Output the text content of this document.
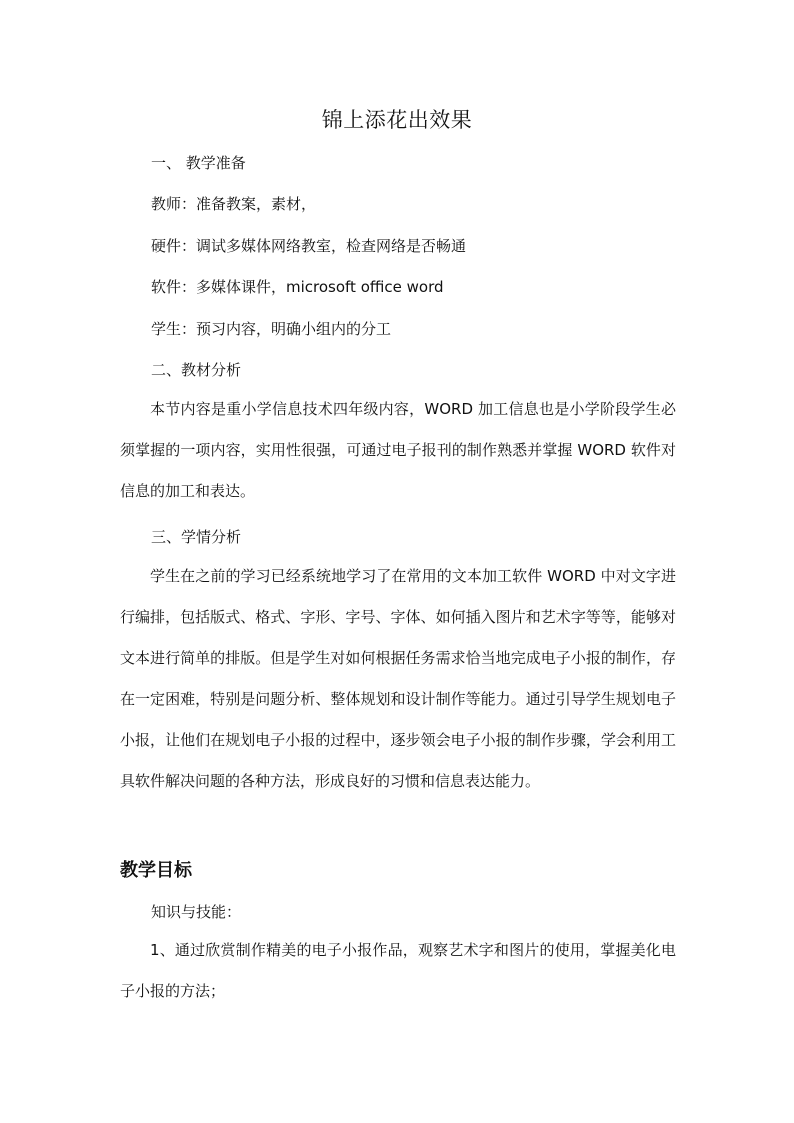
锦上添花出效果
一、 教学准备
教师：准备教案，素材，
硬件：调试多媒体网络教室，检查网络是否畅通
软件：多媒体课件，microsoft office word
学生：预习内容，明确小组内的分工
二、教材分析
本节内容是重小学信息技术四年级内容，WORD 加工信息也是小学阶段学生必须掌握的一项内容，实用性很强，可通过电子报刊的制作熟悉并掌握 WORD 软件对信息的加工和表达。
三、学情分析
学生在之前的学习已经系统地学习了在常用的文本加工软件 WORD 中对文字进行编排，包括版式、格式、字形、字号、字体、如何插入图片和艺术字等等，能够对文本进行简单的排版。但是学生对如何根据任务需求恰当地完成电子小报的制作，存在一定困难，特别是问题分析、整体规划和设计制作等能力。通过引导学生规划电子小报，让他们在规划电子小报的过程中，逐步领会电子小报的制作步骤，学会利用工具软件解决问题的各种方法，形成良好的习惯和信息表达能力。
教学目标
知识与技能：
1、通过欣赏制作精美的电子小报作品，观察艺术字和图片的使用，掌握美化电子小报的方法；
